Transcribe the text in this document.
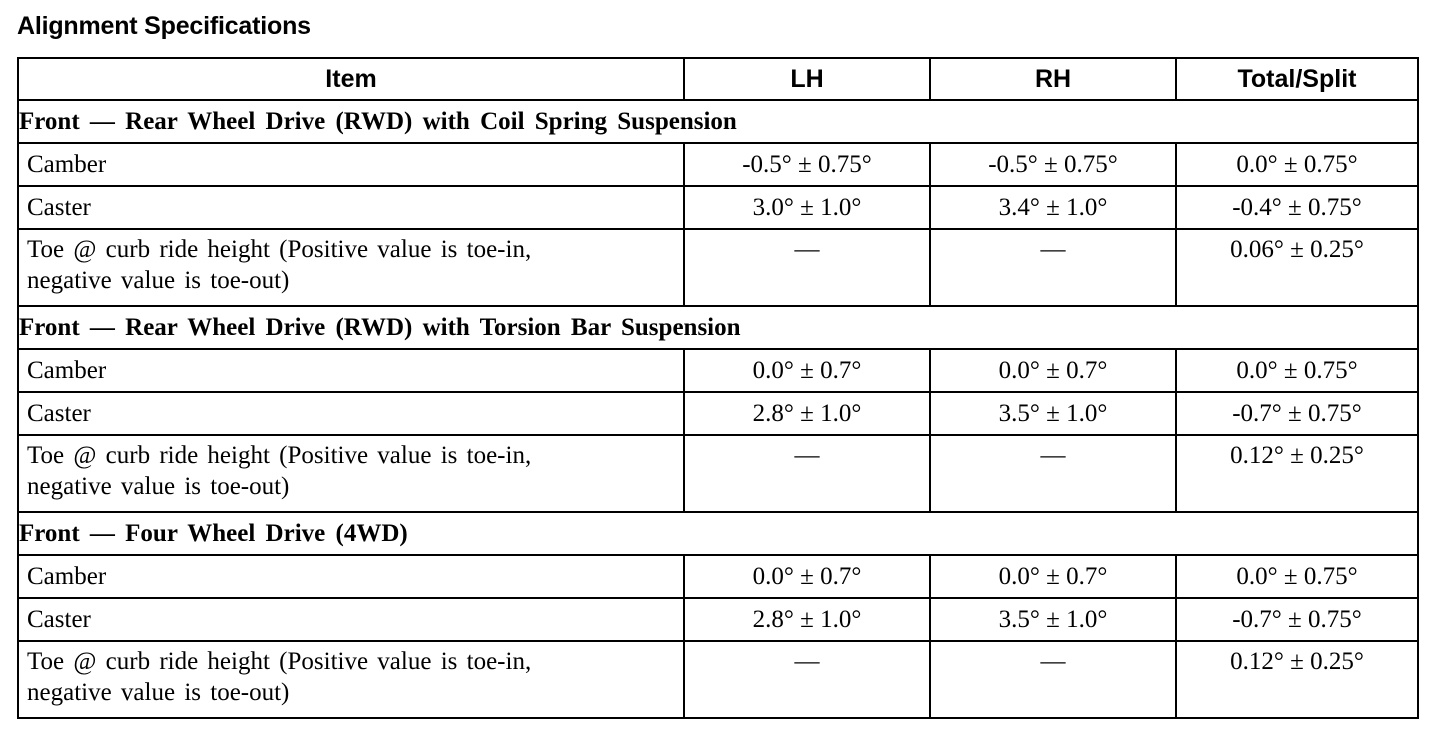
Alignment Specifications
Item	LH	RH	Total/Split
Front — Rear Wheel Drive (RWD) with Coil Spring Suspension			
Camber	-0.5° ± 0.75°	-0.5° ± 0.75°	0.0° ± 0.75°
Caster	3.0° ± 1.0°	3.4° ± 1.0°	-0.4° ± 0.75°
Toe @ curb ride height (Positive value is toe-in,
negative value is toe-out)	—	—	0.06° ± 0.25°
Front — Rear Wheel Drive (RWD) with Torsion Bar Suspension			
Camber	0.0° ± 0.7°	0.0° ± 0.7°	0.0° ± 0.75°
Caster	2.8° ± 1.0°	3.5° ± 1.0°	-0.7° ± 0.75°
Toe @ curb ride height (Positive value is toe-in,
negative value is toe-out)	—	—	0.12° ± 0.25°
Front — Four Wheel Drive (4WD)			
Camber	0.0° ± 0.7°	0.0° ± 0.7°	0.0° ± 0.75°
Caster	2.8° ± 1.0°	3.5° ± 1.0°	-0.7° ± 0.75°
Toe @ curb ride height (Positive value is toe-in,
negative value is toe-out)	—	—	0.12° ± 0.25°
